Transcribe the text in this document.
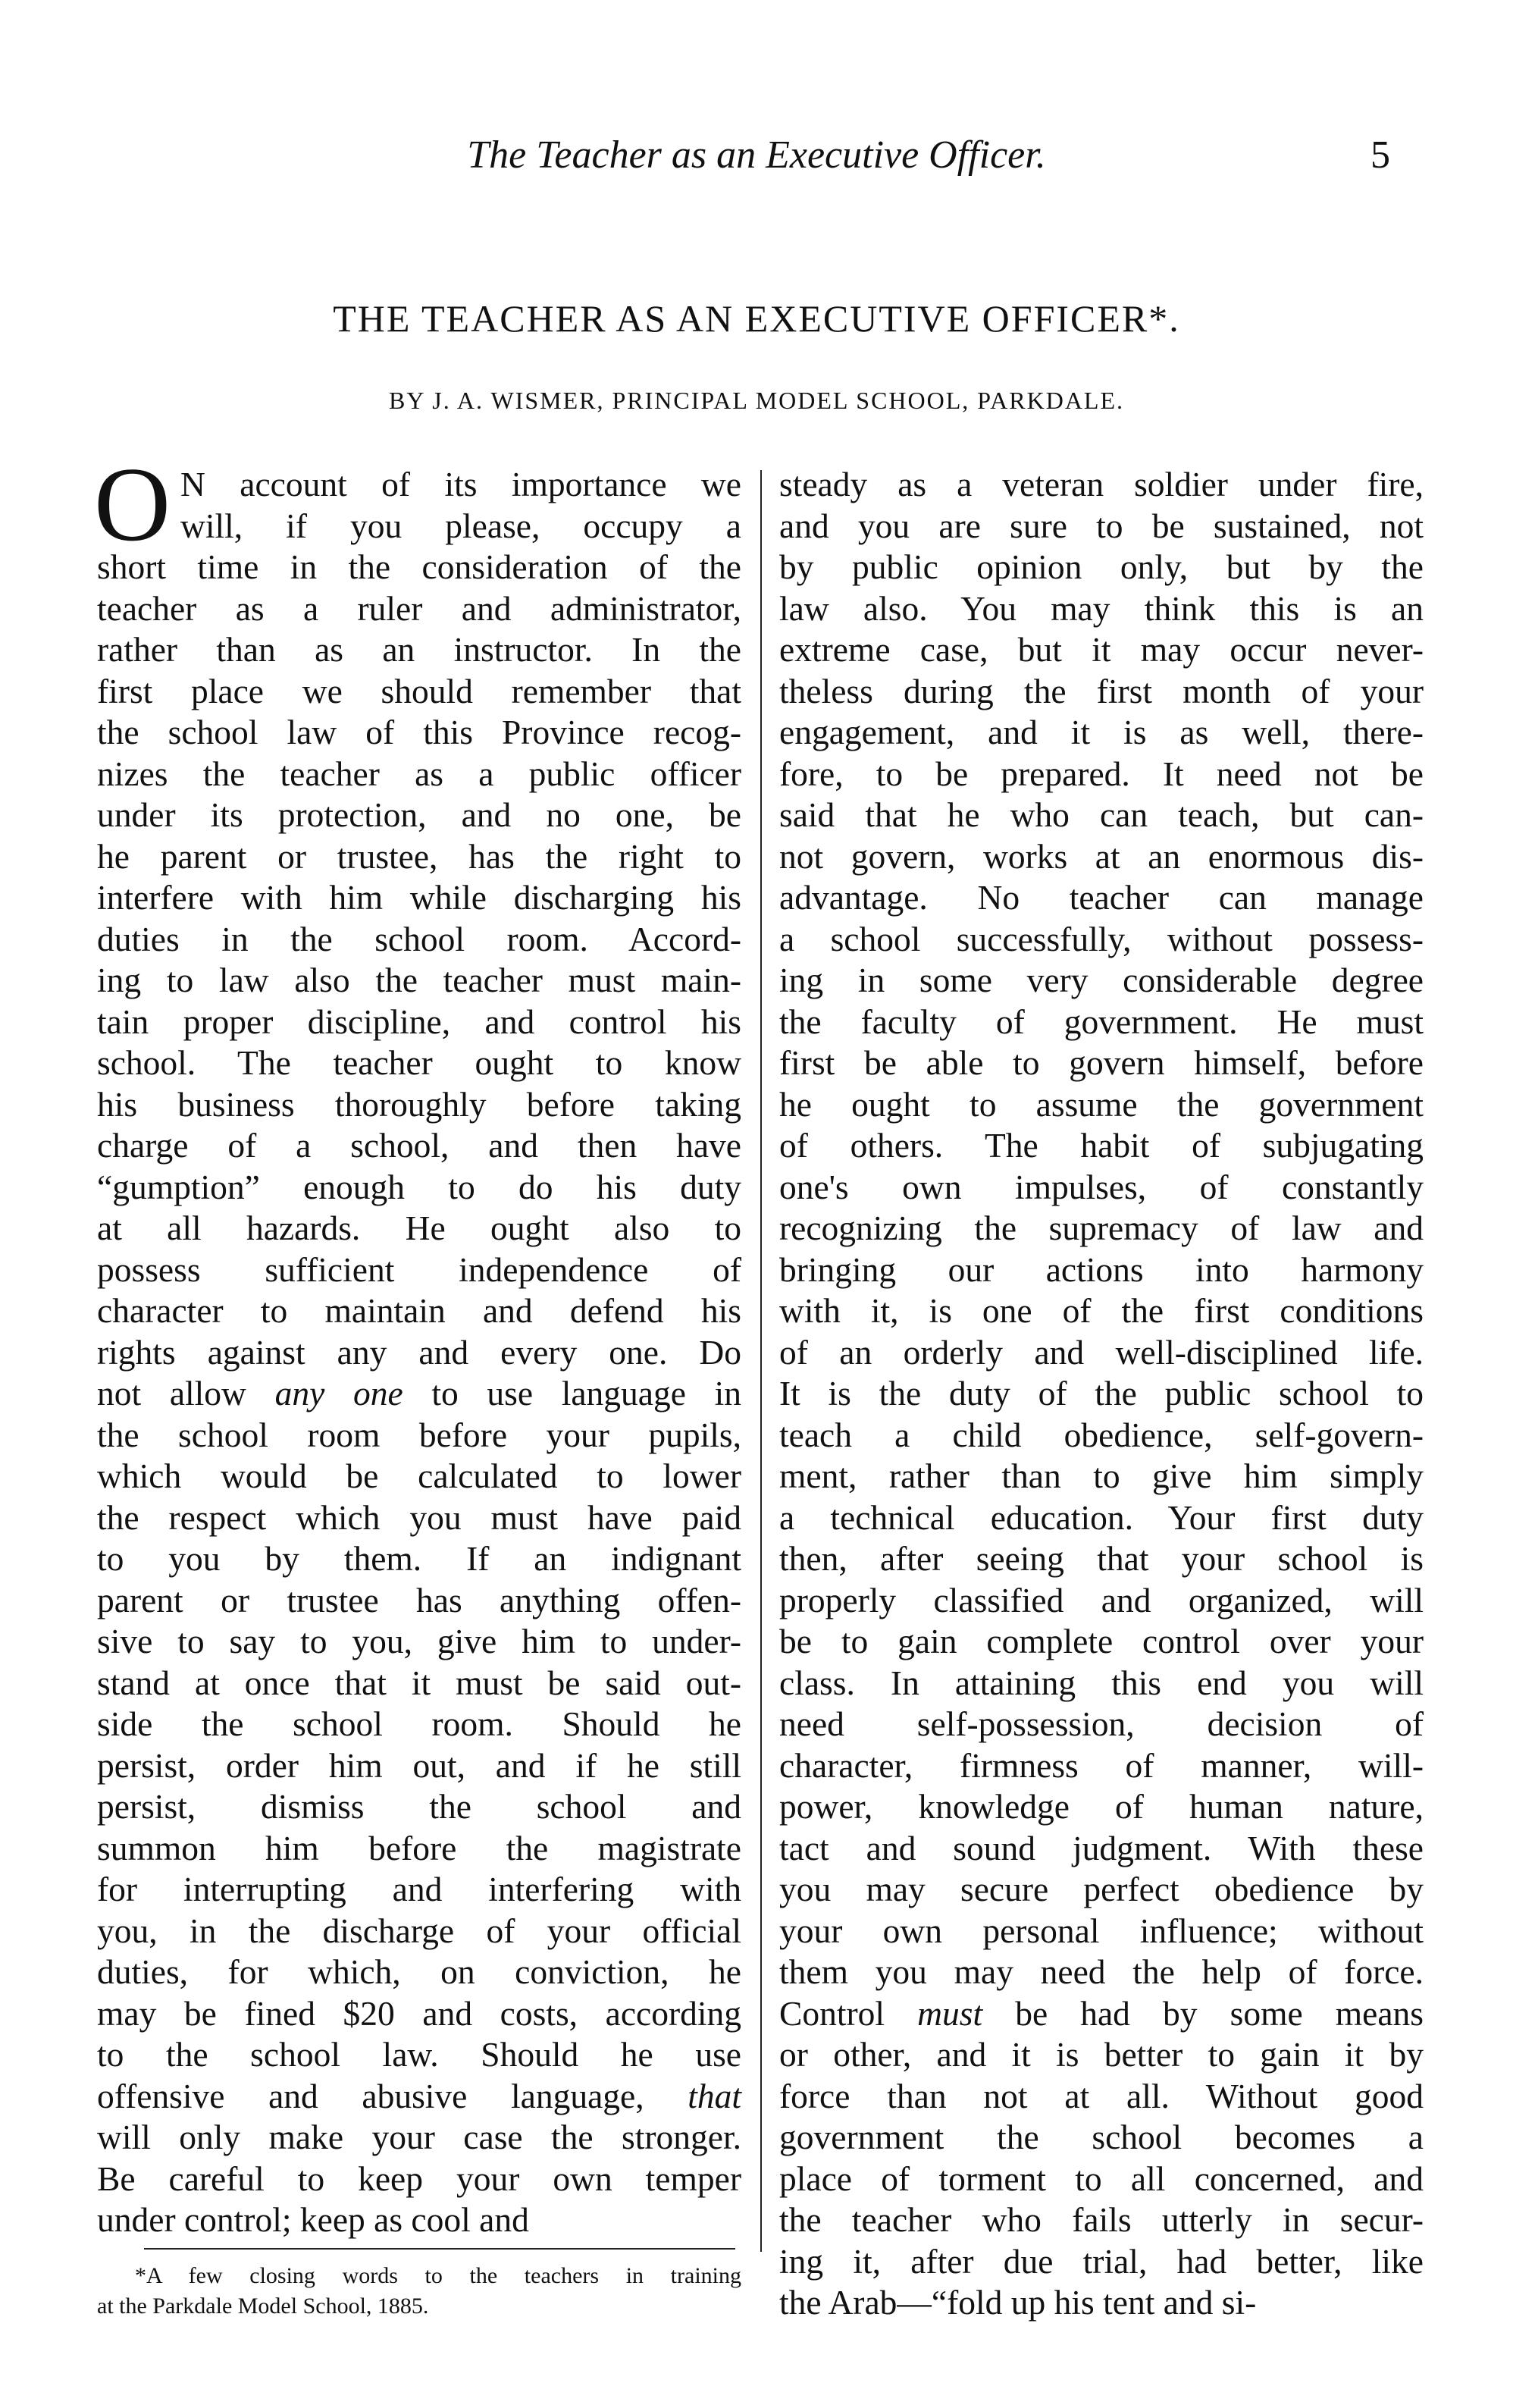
The Teacher as an Executive Officer.	5
THE TEACHER AS AN EXECUTIVE OFFICER*.
BY J. A. WISMER, PRINCIPAL MODEL SCHOOL, PARKDALE.
O N account of its importance we
will, if you please, occupy a
short time in the consideration of the
teacher as a ruler and administrator,
rather than as an instructor. In the
first place we should remember that
the school law of this Province recog-
nizes the teacher as a public officer
under its protection, and no one, be
he parent or trustee, has the right to
interfere with him while discharging his
duties in the school room. Accord-
ing to law also the teacher must main-
tain proper discipline, and control his
school. The teacher ought to know
his business thoroughly before taking
charge of a school, and then have
“gumption” enough to do his duty
at all hazards. He ought also to
possess sufficient independence of
character to maintain and defend his
rights against any and every one. Do
not allow any one to use language in
the school room before your pupils,
which would be calculated to lower
the respect which you must have paid
to you by them. If an indignant
parent or trustee has anything offen-
sive to say to you, give him to under-
stand at once that it must be said out-
side the school room. Should he
persist, order him out, and if he still
persist, dismiss the school and
summon him before the magistrate
for interrupting and interfering with
you, in the discharge of your official
duties, for which, on conviction, he
may be fined $20 and costs, according
to the school law. Should he use
offensive and abusive language, that
will only make your case the stronger.
Be careful to keep your own temper
under control; keep as cool and
steady as a veteran soldier under fire,
and you are sure to be sustained, not
by public opinion only, but by the
law also. You may think this is an
extreme case, but it may occur never-
theless during the first month of your
engagement, and it is as well, there-
fore, to be prepared. It need not be
said that he who can teach, but can-
not govern, works at an enormous dis-
advantage. No teacher can manage
a school successfully, without possess-
ing in some very considerable degree
the faculty of government. He must
first be able to govern himself, before
he ought to assume the government
of others. The habit of subjugating
one's own impulses, of constantly
recognizing the supremacy of law and
bringing our actions into harmony
with it, is one of the first conditions
of an orderly and well-disciplined life.
It is the duty of the public school to
teach a child obedience, self-govern-
ment, rather than to give him simply
a technical education. Your first duty
then, after seeing that your school is
properly classified and organized, will
be to gain complete control over your
class. In attaining this end you will
need self-possession, decision of
character, firmness of manner, will-
power, knowledge of human nature,
tact and sound judgment. With these
you may secure perfect obedience by
your own personal influence; without
them you may need the help of force.
Control must be had by some means
or other, and it is better to gain it by
force than not at all. Without good
government the school becomes a
place of torment to all concerned, and
the teacher who fails utterly in secur-
ing it, after due trial, had better, like
the Arab—“fold up his tent and si-
*A few closing words to the teachers in training
at the Parkdale Model School, 1885.
